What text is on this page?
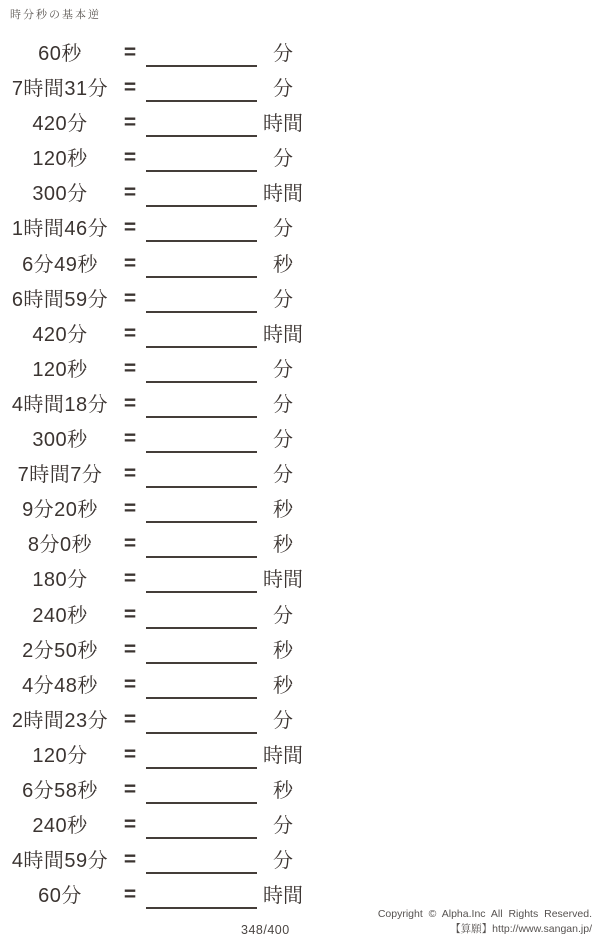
時分秒の基本逆
60秒	=	分
7時間31分 =	分
420分	=	時間
120秒	=	分
300分	=	時間
1時間46分 =	分
6分49秒	=	秒
6時間59分 =	分
420分	=	時間
120秒	=	分
4時間18分 =	分
300秒	=	分
7時間7分	=	分
9分20秒	=	秒
8分0秒	=	秒
180分	=	時間
240秒	=	分
2分50秒	=	秒
4分48秒	=	秒
2時間23分 =	分
120分	=	時間
6分58秒	=	秒
240秒	=	分
4時間59分 =	分
60分	=	時間
348/400
Copyright © Alpha.Inc All Rights Reserved.
【算願】http://www.sangan.jp/
